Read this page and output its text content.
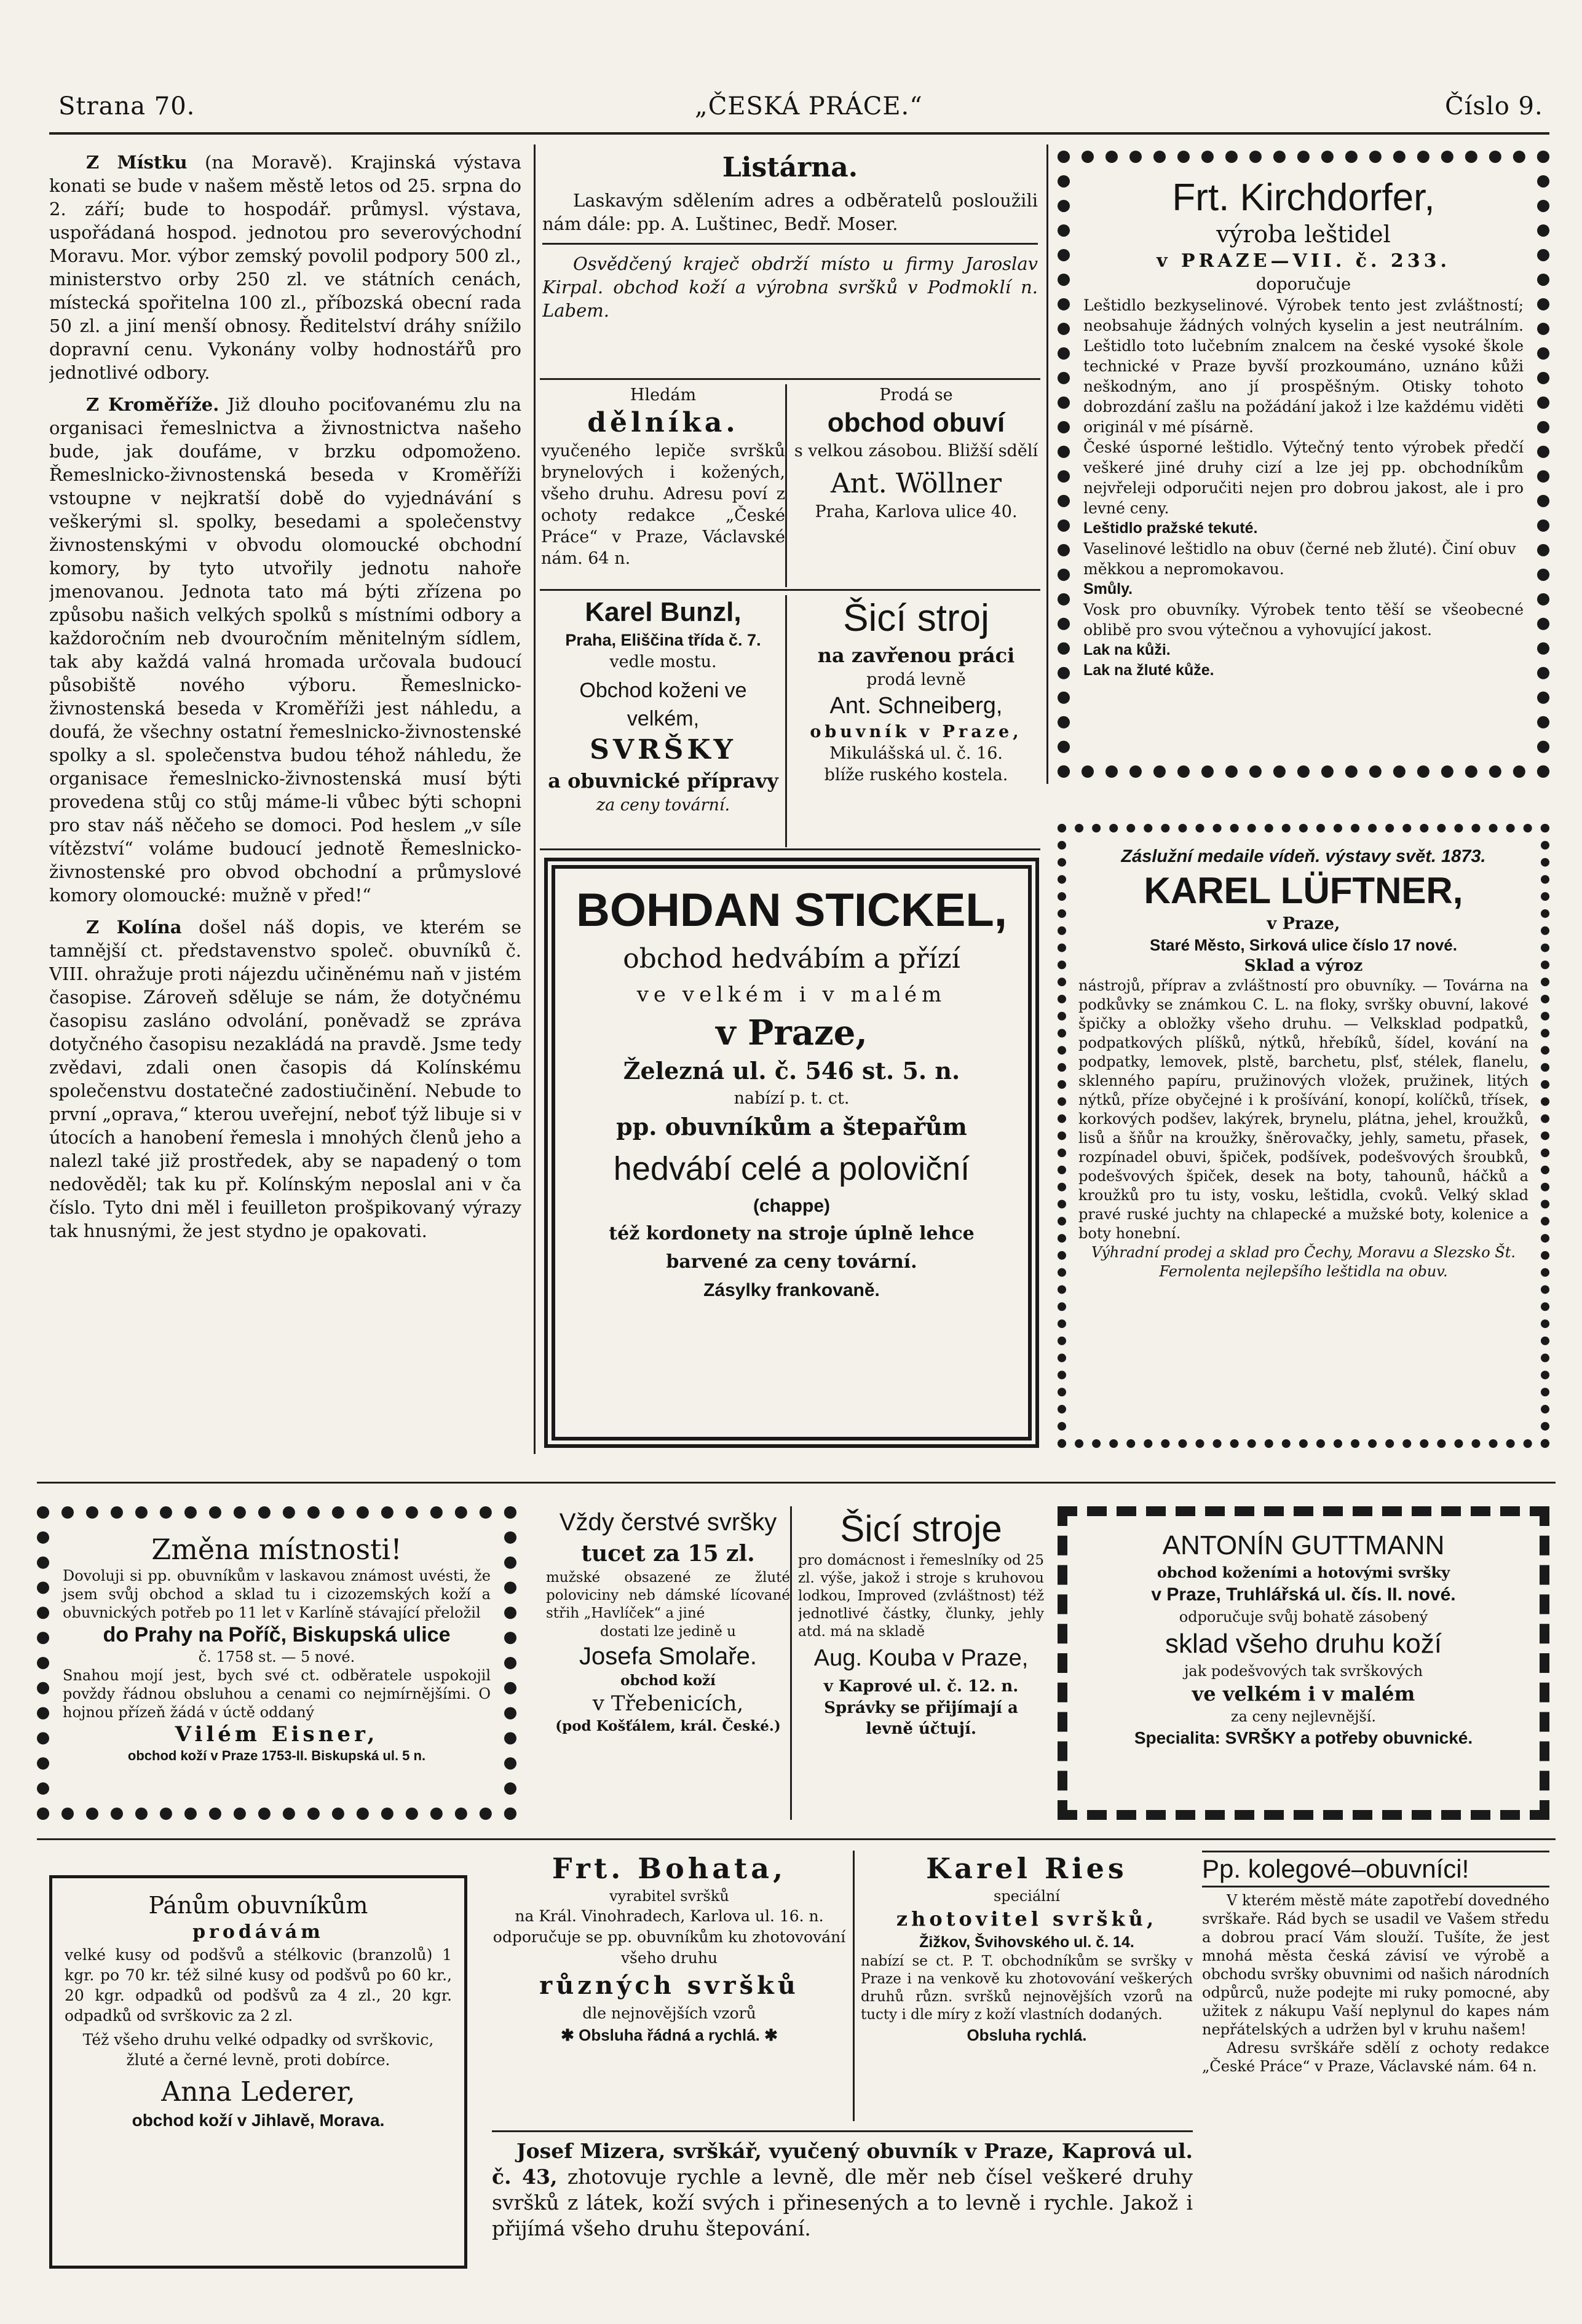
Strana 70.	„ČESKÁ PRÁCE.“	Číslo 9.

Z Místku (na Moravě). Krajinská výstava konati se bude v našem městě letos od 25. srpna do 2. září; bude to hospodář. průmysl. výstava, uspořádaná hospod. jednotou pro severovýchodní Moravu. Mor. výbor zemský povolil podpory 500 zl., ministerstvo orby 250 zl. ve státních cenách, místecká spořitelna 100 zl., příbozská obecní rada 50 zl. a jiní menší obnosy. Ředitelství dráhy snížilo dopravní cenu. Vykonány volby hodnostářů pro jednotlivé odbory.

Z Kroměříže. Již dlouho pociťovanému zlu na organisaci řemeslnictva a živnostnictva našeho bude, jak doufáme, v brzku odpomoženo. Řemeslnicko-živnostenská beseda v Kroměříži vstoupne v nejkratší době do vyjednávání s veškerými sl. spolky, besedami a společenstvy živnostenskými v obvodu olomoucké obchodní komory, by tyto utvořily jednotu nahoře jmenovanou. Jednota tato má býti zřízena po způsobu našich velkých spolků s místními odbory a každoročním neb dvouročním měnitelným sídlem, tak aby každá valná hromada určovala budoucí působiště nového výboru. Řemeslnicko-živnostenská beseda v Kroměříži jest náhledu, a doufá, že všechny ostatní řemeslnicko-živnostenské spolky a sl. společenstva budou téhož náhledu, že organisace řemeslnicko-živnostenská musí býti provedena stůj co stůj máme-li vůbec býti schopni pro stav náš něčeho se domoci. Pod heslem „v síle vítězství“ voláme budoucí jednotě Řemeslnicko-živnostenské pro obvod obchodní a průmyslové komory olomoucké: mužně v před!“

Z Kolína došel náš dopis, ve kterém se tamnější ct. představenstvo společ. obuvníků č. VIII. ohražuje proti nájezdu učiněnému naň v jistém časopise. Zároveň sděluje se nám, že dotyčnému časopisu zasláno odvolání, poněvadž se zpráva dotyčného časopisu nezakládá na pravdě. Jsme tedy zvědavi, zdali onen časopis dá Kolínskému společenstvu dostatečné zadostiučinění. Nebude to první „oprava,“ kterou uveřejní, neboť týž libuje si v útocích a hanobení řemesla i mnohých členů jeho a nalezl také již prostředek, aby se napadený o tom nedověděl; tak ku př. Kolínským neposlal ani v ča číslo. Tyto dni měl i feuilleton prošpikovaný výrazy tak hnusnými, že jest stydno je opakovati.

Listárna.

Laskavým sdělením adres a odběratelů posloužili nám dále: pp. A. Luštinec, Bedř. Moser.

Osvědčený kraječ obdrží místo u firmy Jaroslav Kirpal. obchod koží a výrobna svršků v Podmoklí n. Labem.

Hledám
dělníka.

vyučeného lepiče svršků brynelových i kožených, všeho druhu. Adresu poví z ochoty redakce „České Práce“ v Praze, Václavské nám. 64 n.

Prodá se
obchod obuví

s velkou zásobou. Bližší sdělí

Ant. Wöllner
Praha, Karlova ulice 40.
Karel Bunzl,
Praha, Eliščina třída č. 7.
vedle mostu.
Obchod koženi ve velkém,
SVRŠKY
a obuvnické přípravy
za ceny tovární.
Šicí stroj
na zavřenou práci
prodá levně
Ant. Schneiberg,
obuvník v Praze,
Mikulášská ul. č. 16.
blíže ruského kostela.
Frt. Kirchdorfer,
výroba leštidel
v PRAZE—VII. č. 233.
doporučuje

Leštidlo bezkyselinové. Výrobek tento jest zvláštností; neobsahuje žádných volných kyselin a jest neutrálním. Leštidlo toto lučebním znalcem na české vysoké škole technické v Praze byvší prozkoumáno, uznáno kůži neškodným, ano jí prospěšným. Otisky tohoto dobrozdání zašlu na požádání jakož i lze každému viděti originál v mé písárně.

České úsporné leštidlo. Výtečný tento výrobek předčí veškeré jiné druhy cizí a lze jej pp. obchodníkům nejvřeleji odporučiti nejen pro dobrou jakost, ale i pro levné ceny.

Leštidlo pražské tekuté.

Vaselinové leštidlo na obuv (černé neb žluté). Činí obuv měkkou a nepromokavou.

Smůly.

Vosk pro obuvníky. Výrobek tento těší se všeobecné oblibě pro svou výtečnou a vyhovující jakost.

Lak na kůži.

Lak na žluté kůže.

BOHDAN STICKEL,
obchod hedvábím a přízí
ve velkém i v malém
v Praze,
Železná ul. č. 546 st. 5. n.
nabízí p. t. ct.
pp. obuvníkům a štepařům
hedvábí celé a poloviční
(chappe)
též kordonety na stroje úplně lehce
barvené za ceny tovární.
Zásylky frankovaně.
Záslužní medaile vídeň. výstavy svět. 1873.
KAREL LÜFTNER,
v Praze,
Staré Město, Sirková ulice číslo 17 nové.
Sklad a výroz

nástrojů, příprav a zvláštností pro obuvníky. — Továrna na podkůvky se známkou C. L. na floky, svršky obuvní, lakové špičky a obložky všeho druhu. — Velksklad podpatků, podpatkových plíšků, nýtků, hřebíků, šídel, kování na podpatky, lemovek, plstě, barchetu, plsť, stélek, flanelu, sklenného papíru, pružinových vložek, pružinek, litých nýtků, příze obyčejné i k prošívání, konopí, kolíčků, třísek, korkových podšev, lakýrek, brynelu, plátna, jehel, kroužků, lisů a šňůr na kroužky, šněrovačky, jehly, sametu, přasek, rozpínadel obuvi, špiček, podšívek, podešvových šroubků, podešvových špiček, desek na boty, tahounů, háčků a kroužků pro tu isty, vosku, leštidla, cvoků. Velký sklad pravé ruské juchty na chlapecké a mužské boty, kolenice a boty honební.

Výhradní prodej a sklad pro Čechy, Moravu a Slezsko Št. Fernolenta nejlepšího leštidla na obuv.

Změna místnosti!

Dovoluji si pp. obuvníkům v laskavou známost uvésti, že jsem svůj obchod a sklad tu i cizozemských koží a obuvnických potřeb po 11 let v Karlíně stávající přeložil

do Prahy na Poříč, Biskupská ulice
č. 1758 st. — 5 nové.

Snahou mojí jest, bych své ct. odběratele uspokojil povždy řádnou obsluhou a cenami co nejmírnějšími. O hojnou přízeň žádá v úctě oddaný

Vilém Eisner,
obchod koží v Praze 1753-II. Biskupská ul. 5 n.
Vždy čerstvé svršky
tucet za 15 zl.

mužské obsazené ze žluté poloviciny neb dámské lícované střih „Havlíček“ a jiné

dostati lze jedině u
Josefa Smolaře.
obchod koží
v Třebenicích,
(pod Košťálem, král. České.)
Šicí stroje

pro domácnost i řemeslníky od 25 zl. výše, jakož i stroje s kruhovou lodkou, Improved (zvláštnost) též jednotlivé částky, člunky, jehly atd. má na skladě

Aug. Kouba v Praze,
v Kaprové ul. č. 12. n.
Správky se přijímají a levně účtují.
ANTONÍN GUTTMANN
obchod koženími a hotovými svršky
v Praze, Truhlářská ul. čís. II. nové.
odporučuje svůj bohatě zásobený
sklad všeho druhu koží
jak podešvových tak svrškových
ve velkém i v malém
za ceny nejlevnější.
Specialita: SVRŠKY a potřeby obuvnické.
Pánům obuvníkům
prodávám

velké kusy od podšvů a stélkovic (branzolů) 1 kgr. po 70 kr. též silné kusy od podšvů po 60 kr., 20 kgr. odpadků od podšvů za 4 zl., 20 kgr. odpadků od svrškovic za 2 zl.

Též všeho druhu velké odpadky od svrškovic, žluté a černé levně, proti dobírce.

Anna Lederer,
obchod koží v Jihlavě, Morava.
Frt. Bohata,
vyrabitel svršků
na Král. Vinohradech, Karlova ul. 16. n.
odporučuje se pp. obuvníkům ku zhotovování všeho druhu
různých svršků
dle nejnovějších vzorů
✱ Obsluha řádná a rychlá. ✱
Karel Ries
speciální
zhotovitel svršků,
Žižkov, Švihovského ul. č. 14.

nabízí se ct. P. T. obchodníkům se svršky v Praze i na venkově ku zhotovování veškerých druhů různ. svršků nejnovějších vzorů na tucty i dle míry z koží vlastních dodaných.

Obsluha rychlá.
Pp. kolegové–obuvníci!

V kterém městě máte zapotřebí dovedného svrškaře. Rád bych se usadil ve Vašem středu a dobrou prací Vám slouží. Tušíte, že jest mnohá města česká závisí ve výrobě a obchodu svršky obuvnimi od našich národních odpůrců, nuže podejte mi ruky pomocné, aby užitek z nákupu Vaší neplynul do kapes nám nepřátelských a udržen byl v kruhu našem!

Adresu svrškáře sdělí z ochoty redakce „České Práce“ v Praze, Václavské nám. 64 n.

Josef Mizera, svrškář, vyučený obuvník v Praze, Kaprová ul. č. 43, zhotovuje rychle a levně, dle měr neb čísel veškeré druhy svršků z látek, koží svých i přinesených a to levně i rychle. Jakož i přijímá všeho druhu štepování.
